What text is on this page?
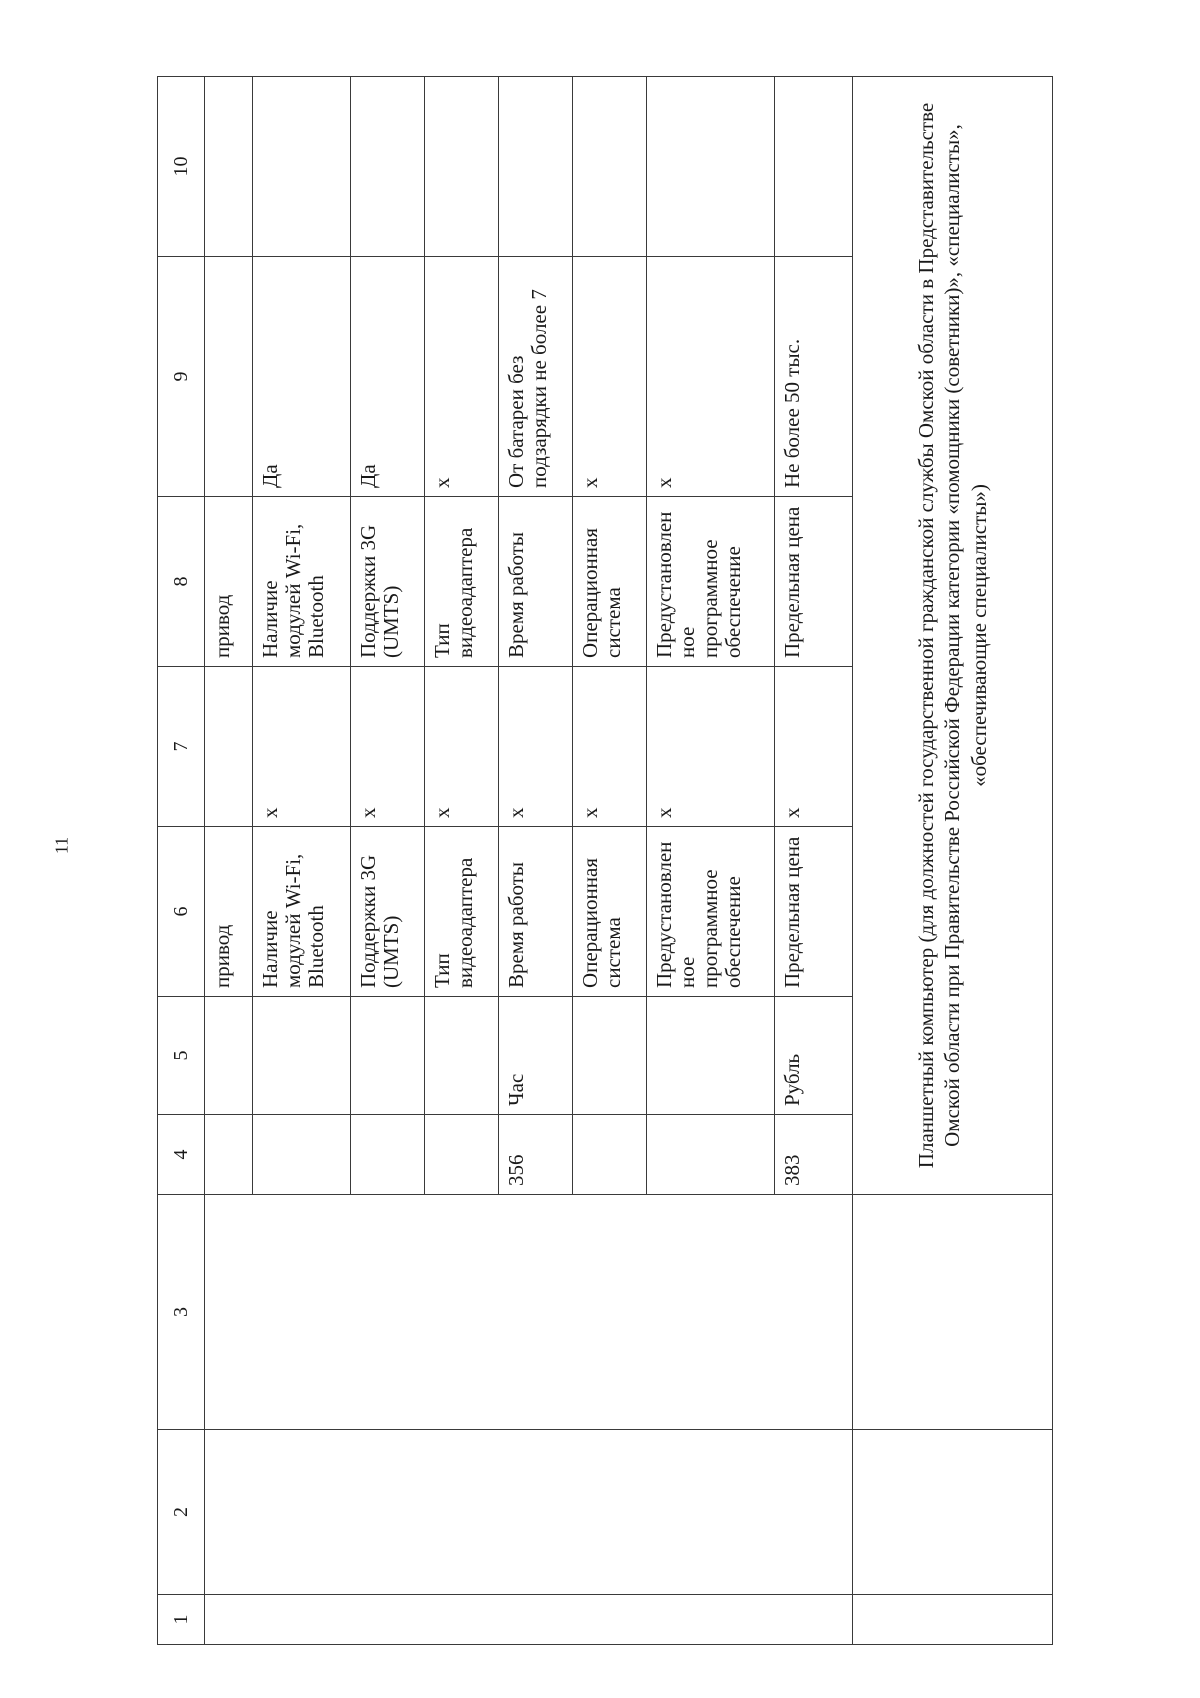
11
1	2	3	4	5	6	7	8	9	10
					привод		привод		
					Наличие модулей Wi-Fi, Bluetooth	x	Наличие модулей Wi-Fi, Bluetooth	Да	
					Поддержки 3G (UMTS)	x	Поддержки 3G (UMTS)	Да	
					Тип видеоадаптера	x	Тип видеоадаптера	x	
			356	Час	Время работы	x	Время работы	От батареи без подзарядки не более 7	
					Операционная система	x	Операционная система	x	
					Предустановлен ное программное обеспечение	x	Предустановлен ное программное обеспечение	x	
			383	Рубль	Предельная цена	x	Предельная цена	Не более 50 тыс.	
			Планшетный компьютер (для должностей государственной гражданской службы Омской области в Представительстве Омской области при Правительстве Российской Федерации категории «помощники (советники)», «специалисты», «обеспечивающие специалисты»)						
